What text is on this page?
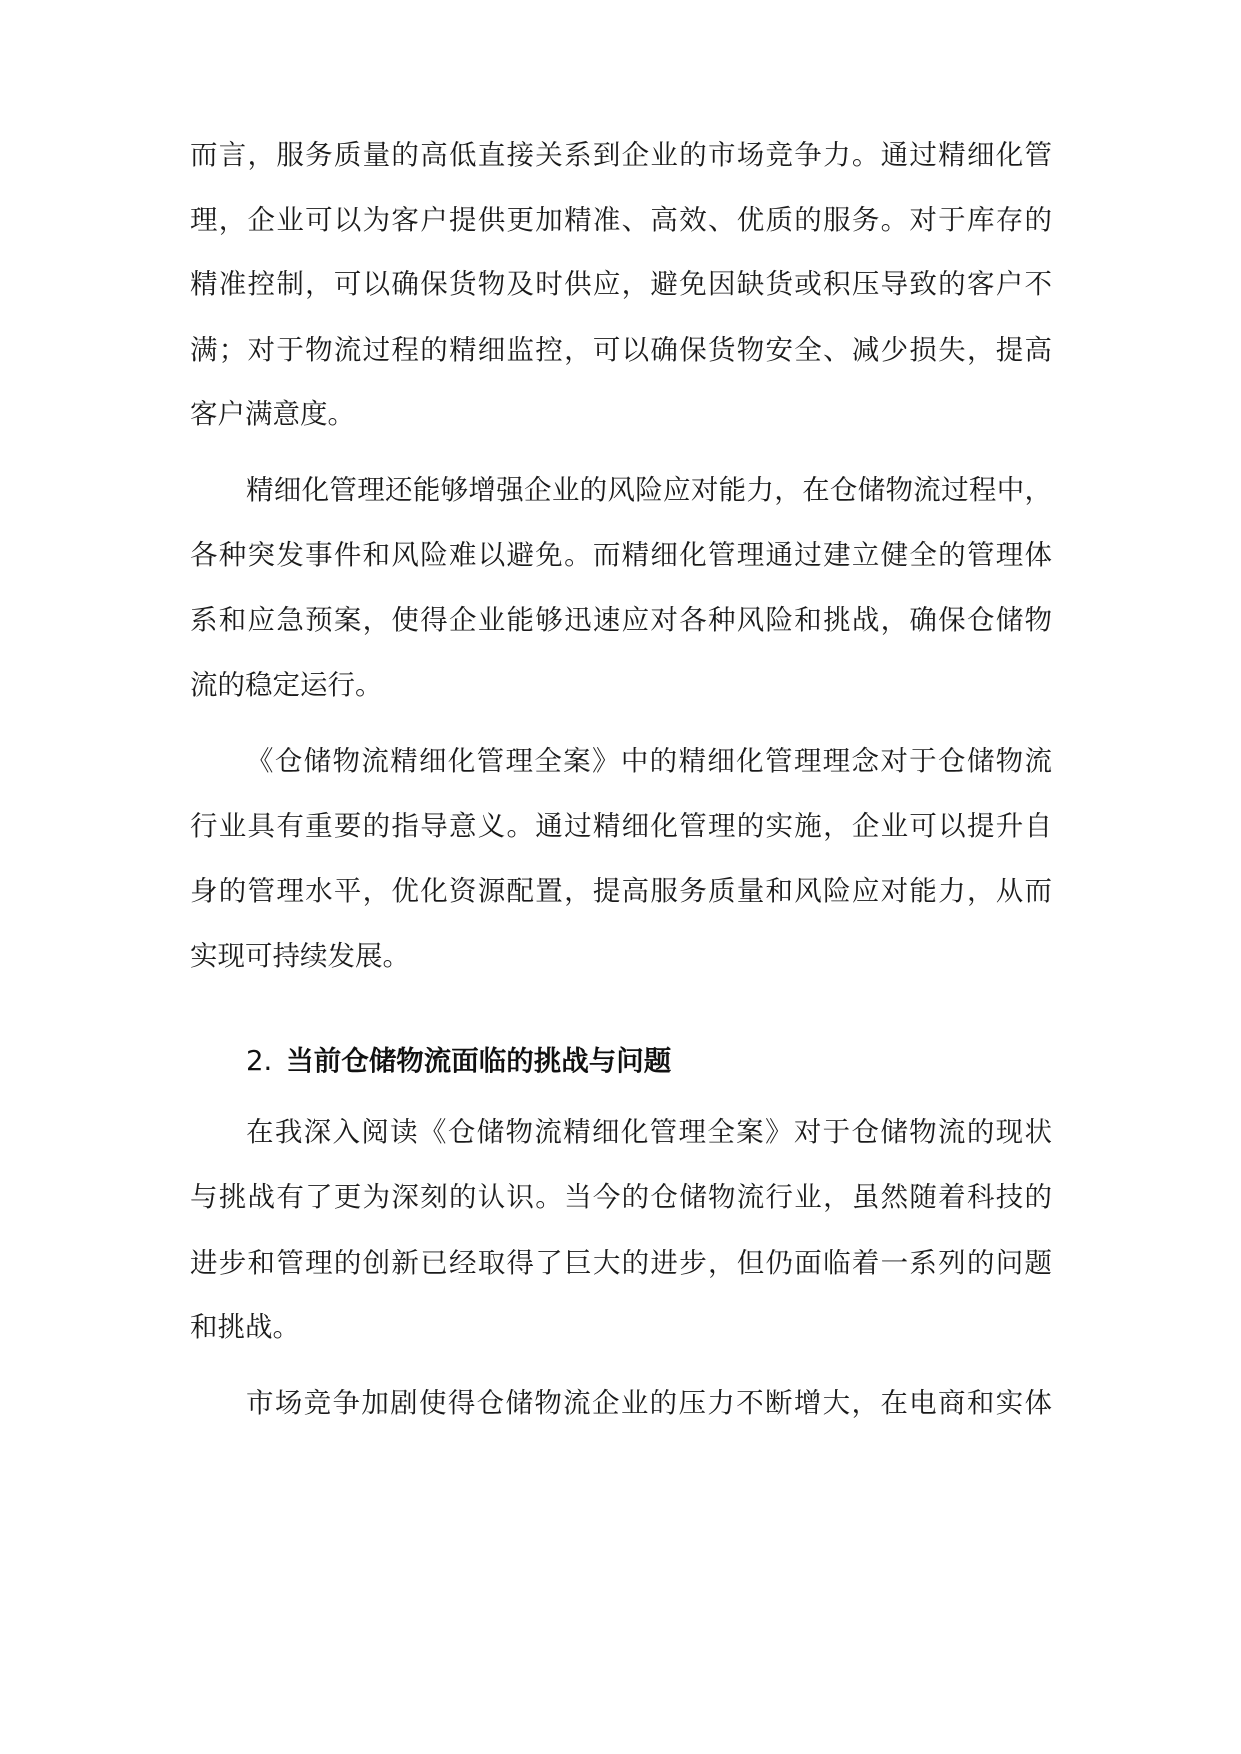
而言，服务质量的高低直接关系到企业的市场竞争力。通过精细化管
理，企业可以为客户提供更加精准、高效、优质的服务。对于库存的
精准控制，可以确保货物及时供应，避免因缺货或积压导致的客户不
满；对于物流过程的精细监控，可以确保货物安全、减少损失，提高
客户满意度。
精细化管理还能够增强企业的风险应对能力，在仓储物流过程中，
各种突发事件和风险难以避免。而精细化管理通过建立健全的管理体
系和应急预案，使得企业能够迅速应对各种风险和挑战，确保仓储物
流的稳定运行。
《仓储物流精细化管理全案》中的精细化管理理念对于仓储物流
行业具有重要的指导意义。通过精细化管理的实施，企业可以提升自
身的管理水平，优化资源配置，提高服务质量和风险应对能力，从而
实现可持续发展。
2. 当前仓储物流面临的挑战与问题
在我深入阅读《仓储物流精细化管理全案》对于仓储物流的现状
与挑战有了更为深刻的认识。当今的仓储物流行业，虽然随着科技的
进步和管理的创新已经取得了巨大的进步，但仍面临着一系列的问题
和挑战。
市场竞争加剧使得仓储物流企业的压力不断增大，在电商和实体
